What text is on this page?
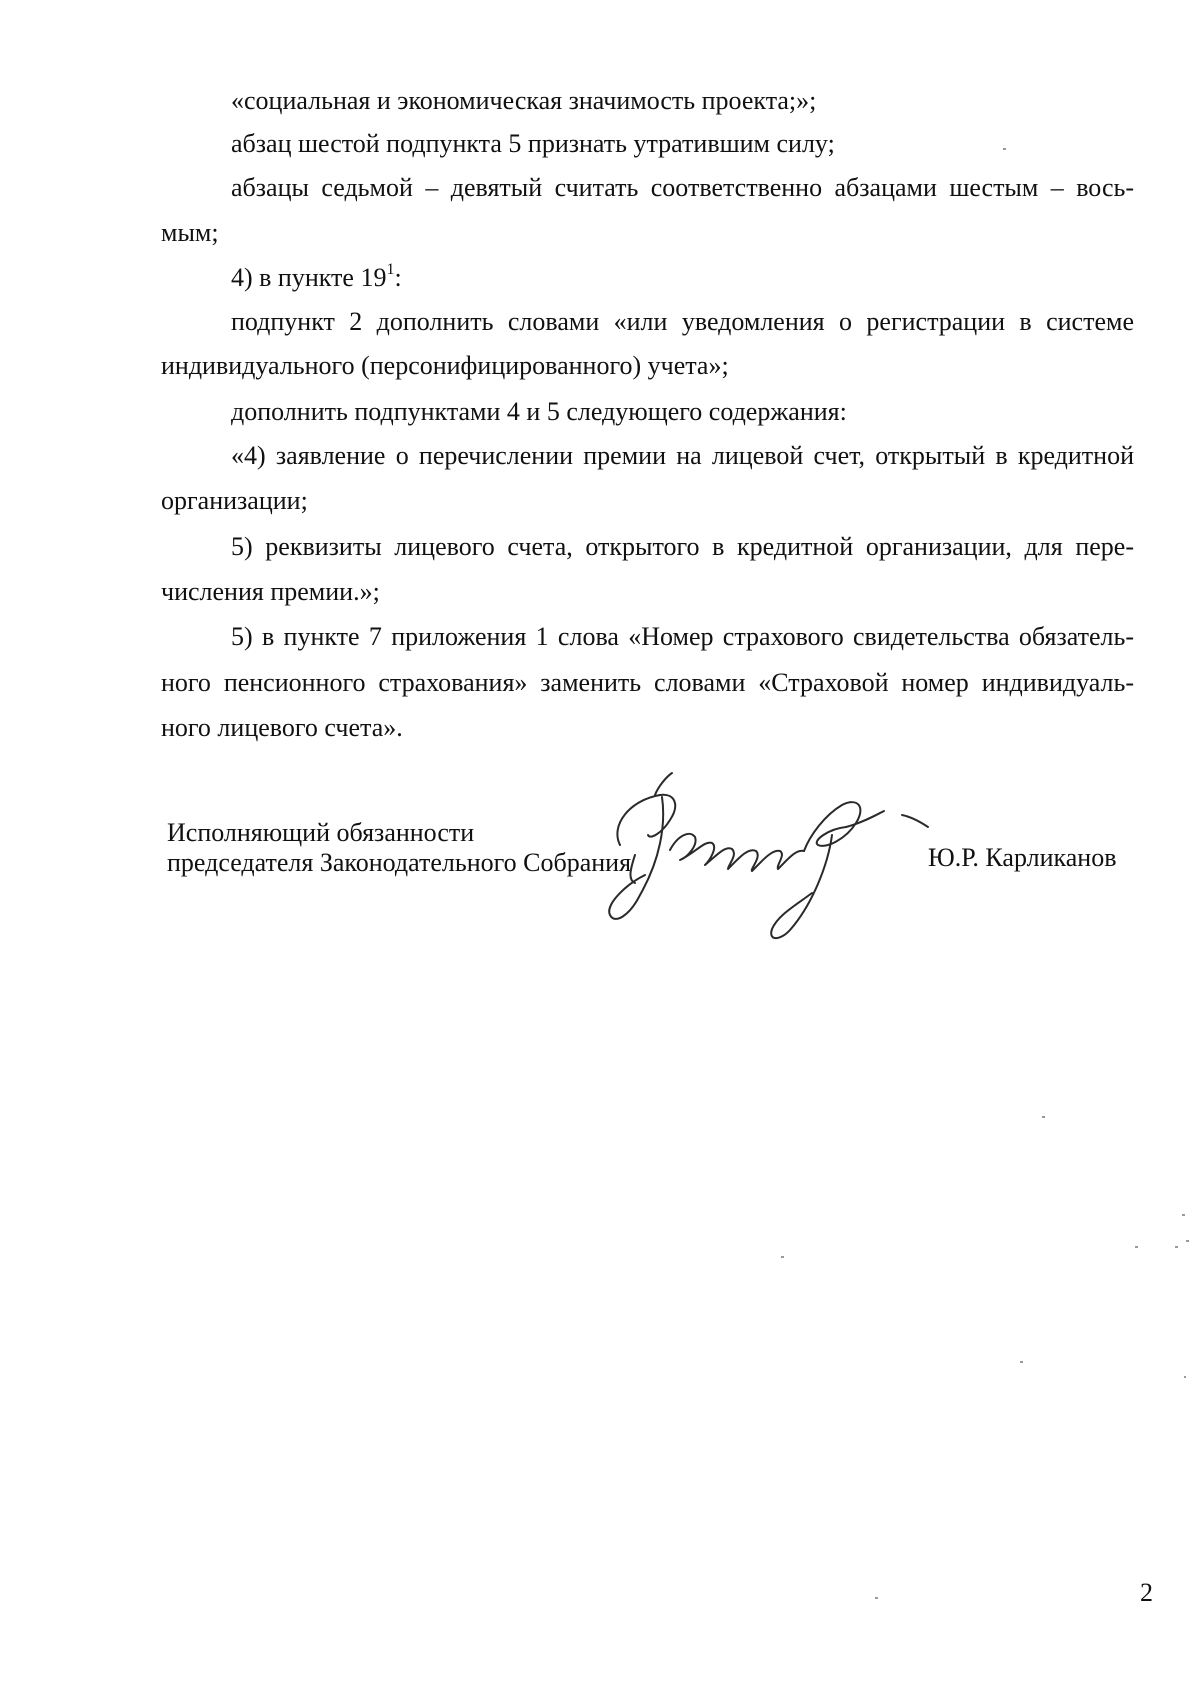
«социальная и экономическая значимость проекта;»;
абзац шестой подпункта 5 признать утратившим силу;
абзацы седьмой – девятый считать соответственно абзацами шестым – вось-
мым;
4) в пункте $19^1$:
подпункт 2 дополнить словами «или уведомления о регистрации в системе
индивидуального (персонифицированного) учета»;
дополнить подпунктами 4 и 5 следующего содержания:
«4) заявление о перечислении премии на лицевой счет, открытый в кредитной
организации;
5) реквизиты лицевого счета, открытого в кредитной организации, для пере-
числения премии.»;
5) в пункте 7 приложения 1 слова «Номер страхового свидетельства обязатель-
ного пенсионного страхования» заменить словами «Страховой номер индивидуаль-
ного лицевого счета».
Исполняющий обязанности
председателя Законодательного Собрания	Ю.Р. Карликанов
2
